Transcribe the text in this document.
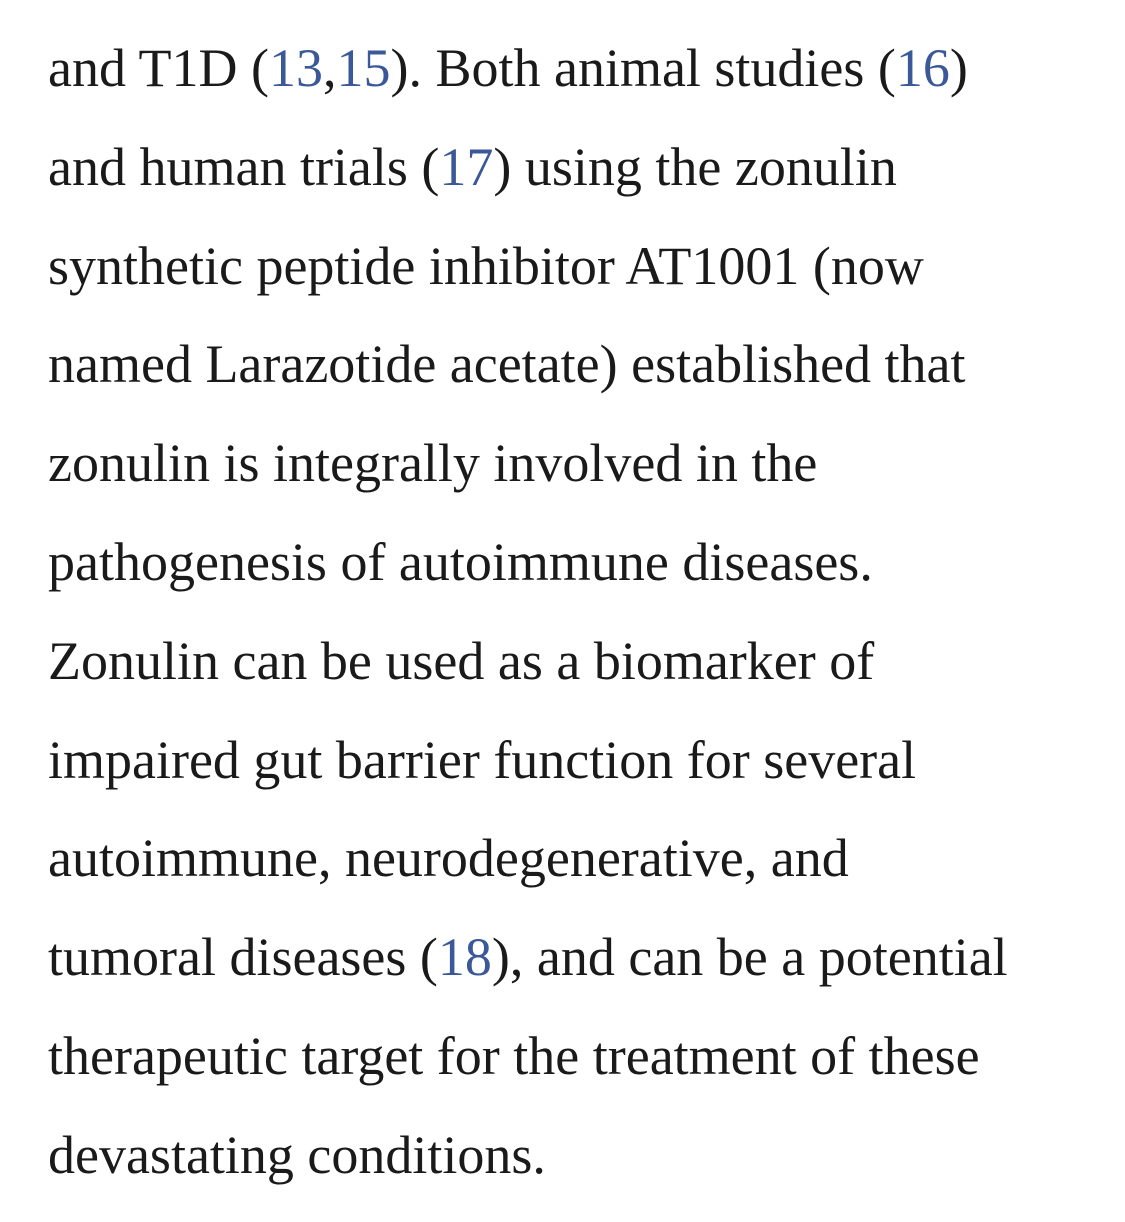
and T1D (13,15). Both animal studies (16)
and human trials (17) using the zonulin
synthetic peptide inhibitor AT1001 (now
named Larazotide acetate) established that
zonulin is integrally involved in the
pathogenesis of autoimmune diseases.
Zonulin can be used as a biomarker of
impaired gut barrier function for several
autoimmune, neurodegenerative, and
tumoral diseases (18), and can be a potential
therapeutic target for the treatment of these
devastating conditions.
